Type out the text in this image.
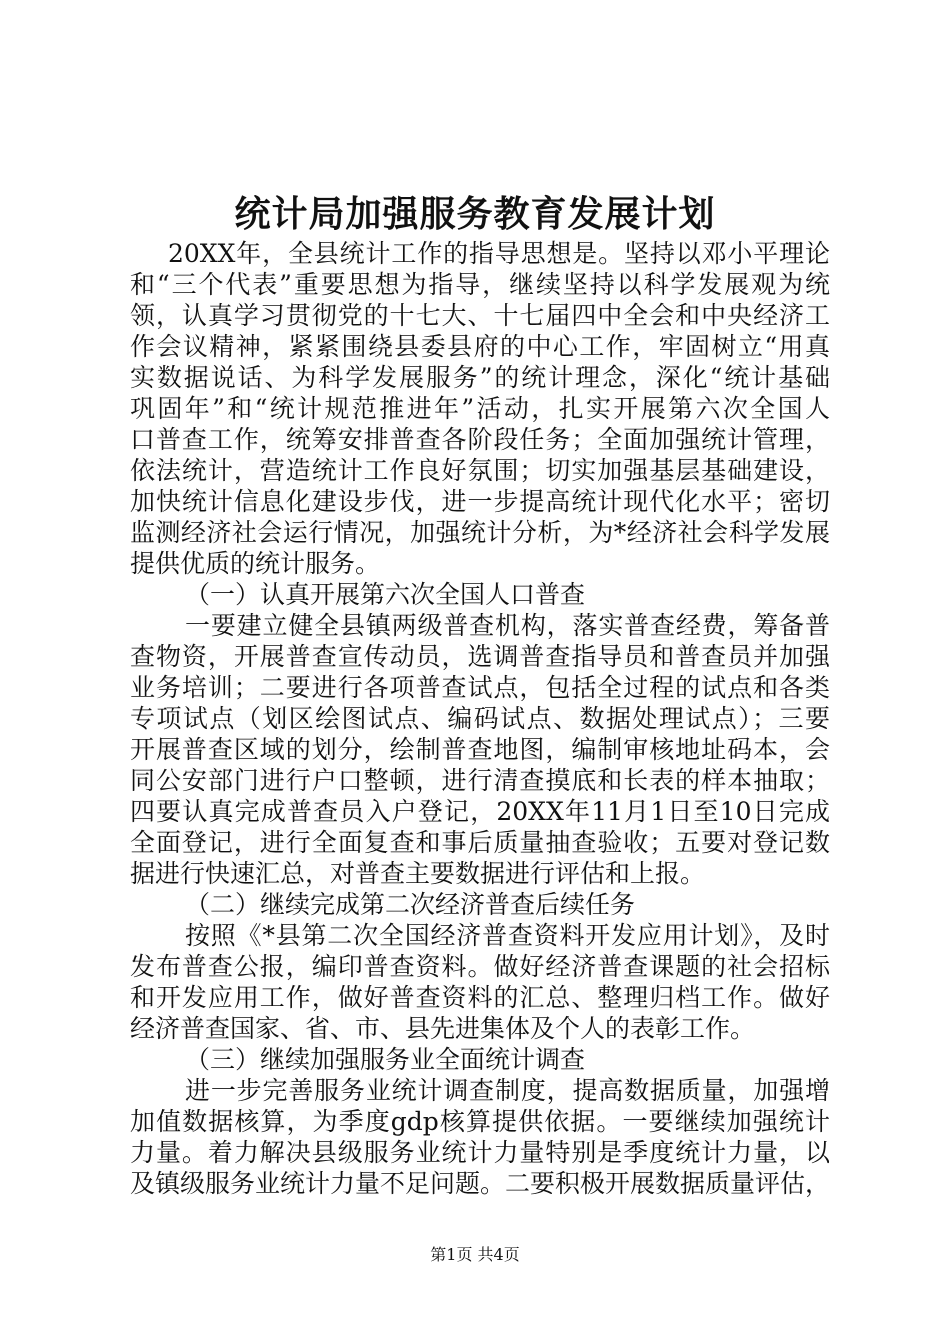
统计局加强服务教育发展计划
20XX年，全县统计工作的指导思想是。坚持以邓小平理论
和“三个代表”重要思想为指导，继续坚持以科学发展观为统
领，认真学习贯彻党的十七大、十七届四中全会和中央经济工
作会议精神，紧紧围绕县委县府的中心工作，牢固树立“用真
实数据说话、为科学发展服务”的统计理念，深化“统计基础
巩固年”和“统计规范推进年”活动，扎实开展第六次全国人
口普查工作，统筹安排普查各阶段任务；全面加强统计管理，
依法统计，营造统计工作良好氛围；切实加强基层基础建设，
加快统计信息化建设步伐，进一步提高统计现代化水平；密切
监测经济社会运行情况，加强统计分析，为*经济社会科学发展
提供优质的统计服务。
（一）认真开展第六次全国人口普查
一要建立健全县镇两级普查机构，落实普查经费，筹备普
查物资，开展普查宣传动员，选调普查指导员和普查员并加强
业务培训；二要进行各项普查试点，包括全过程的试点和各类
专项试点（划区绘图试点、编码试点、数据处理试点）；三要
开展普查区域的划分，绘制普查地图，编制审核地址码本，会
同公安部门进行户口整顿，进行清查摸底和长表的样本抽取；
四要认真完成普查员入户登记，20XX年11月1日至10日完成
全面登记，进行全面复查和事后质量抽查验收；五要对登记数
据进行快速汇总，对普查主要数据进行评估和上报。
（二）继续完成第二次经济普查后续任务
按照《*县第二次全国经济普查资料开发应用计划》，及时
发布普查公报，编印普查资料。做好经济普查课题的社会招标
和开发应用工作，做好普查资料的汇总、整理归档工作。做好
经济普查国家、省、市、县先进集体及个人的表彰工作。
（三）继续加强服务业全面统计调查
进一步完善服务业统计调查制度，提高数据质量，加强增
加值数据核算，为季度gdp核算提供依据。一要继续加强统计
力量。着力解决县级服务业统计力量特别是季度统计力量，以
及镇级服务业统计力量不足问题。二要积极开展数据质量评估，
第1页 共4页
